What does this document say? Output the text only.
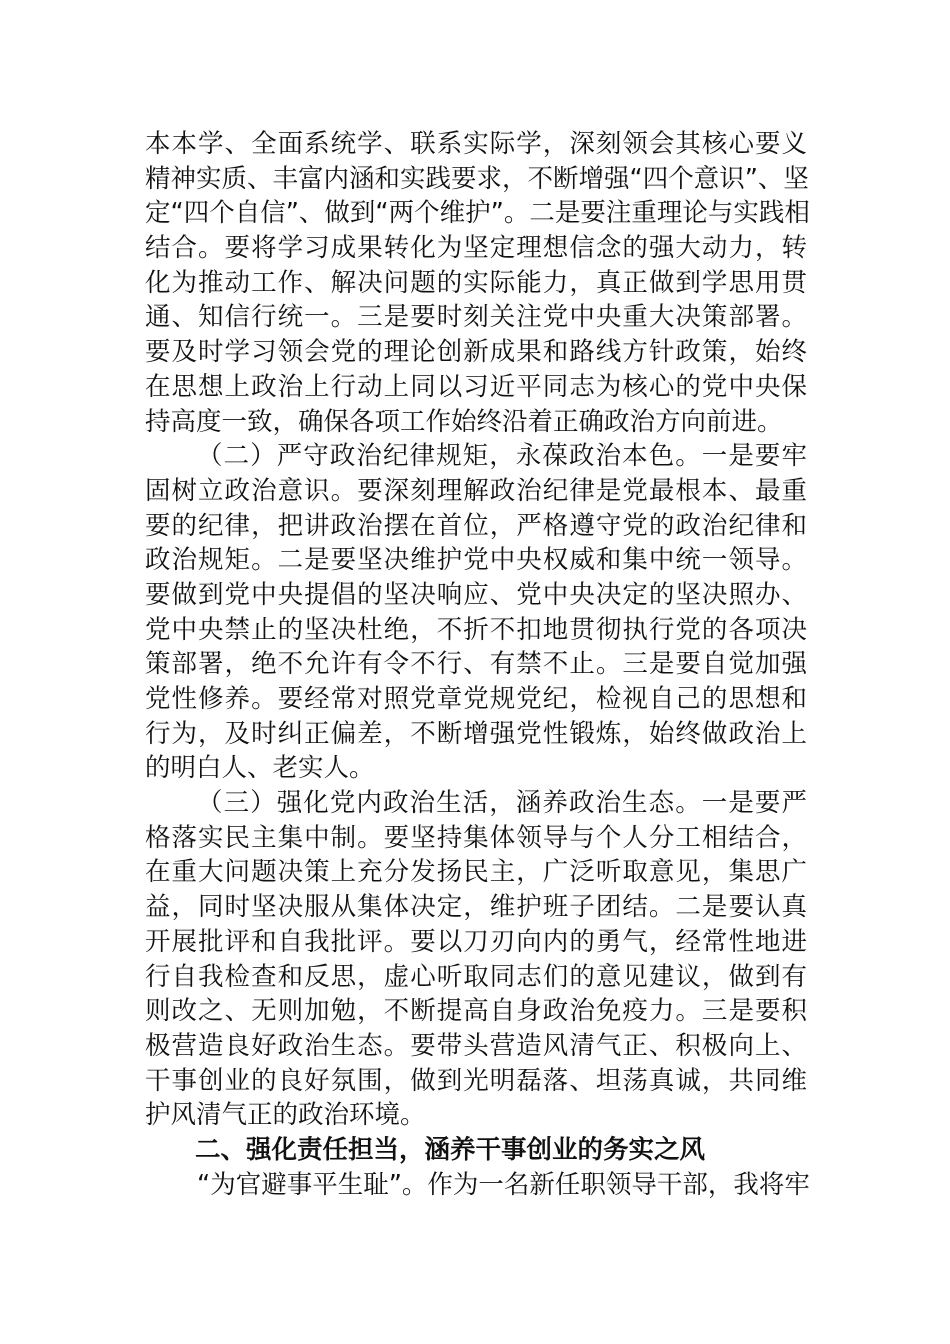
本本学、全面系统学、联系实际学，深刻领会其核心要义
精神实质、丰富内涵和实践要求，不断增强“四个意识”、坚
定“四个自信”、做到“两个维护”。二是要注重理论与实践相
结合。要将学习成果转化为坚定理想信念的强大动力，转
化为推动工作、解决问题的实际能力，真正做到学思用贯
通、知信行统一。三是要时刻关注党中央重大决策部署。
要及时学习领会党的理论创新成果和路线方针政策，始终
在思想上政治上行动上同以习近平同志为核心的党中央保
持高度一致，确保各项工作始终沿着正确政治方向前进。
（二）严守政治纪律规矩，永葆政治本色。一是要牢
固树立政治意识。要深刻理解政治纪律是党最根本、最重
要的纪律，把讲政治摆在首位，严格遵守党的政治纪律和
政治规矩。二是要坚决维护党中央权威和集中统一领导。
要做到党中央提倡的坚决响应、党中央决定的坚决照办、
党中央禁止的坚决杜绝，不折不扣地贯彻执行党的各项决
策部署，绝不允许有令不行、有禁不止。三是要自觉加强
党性修养。要经常对照党章党规党纪，检视自己的思想和
行为，及时纠正偏差，不断增强党性锻炼，始终做政治上
的明白人、老实人。
（三）强化党内政治生活，涵养政治生态。一是要严
格落实民主集中制。要坚持集体领导与个人分工相结合，
在重大问题决策上充分发扬民主，广泛听取意见，集思广
益，同时坚决服从集体决定，维护班子团结。二是要认真
开展批评和自我批评。要以刀刃向内的勇气，经常性地进
行自我检查和反思，虚心听取同志们的意见建议，做到有
则改之、无则加勉，不断提高自身政治免疫力。三是要积
极营造良好政治生态。要带头营造风清气正、积极向上、
干事创业的良好氛围，做到光明磊落、坦荡真诚，共同维
护风清气正的政治环境。
二、强化责任担当，涵养干事创业的务实之风
“为官避事平生耻”。作为一名新任职领导干部，我将牢
